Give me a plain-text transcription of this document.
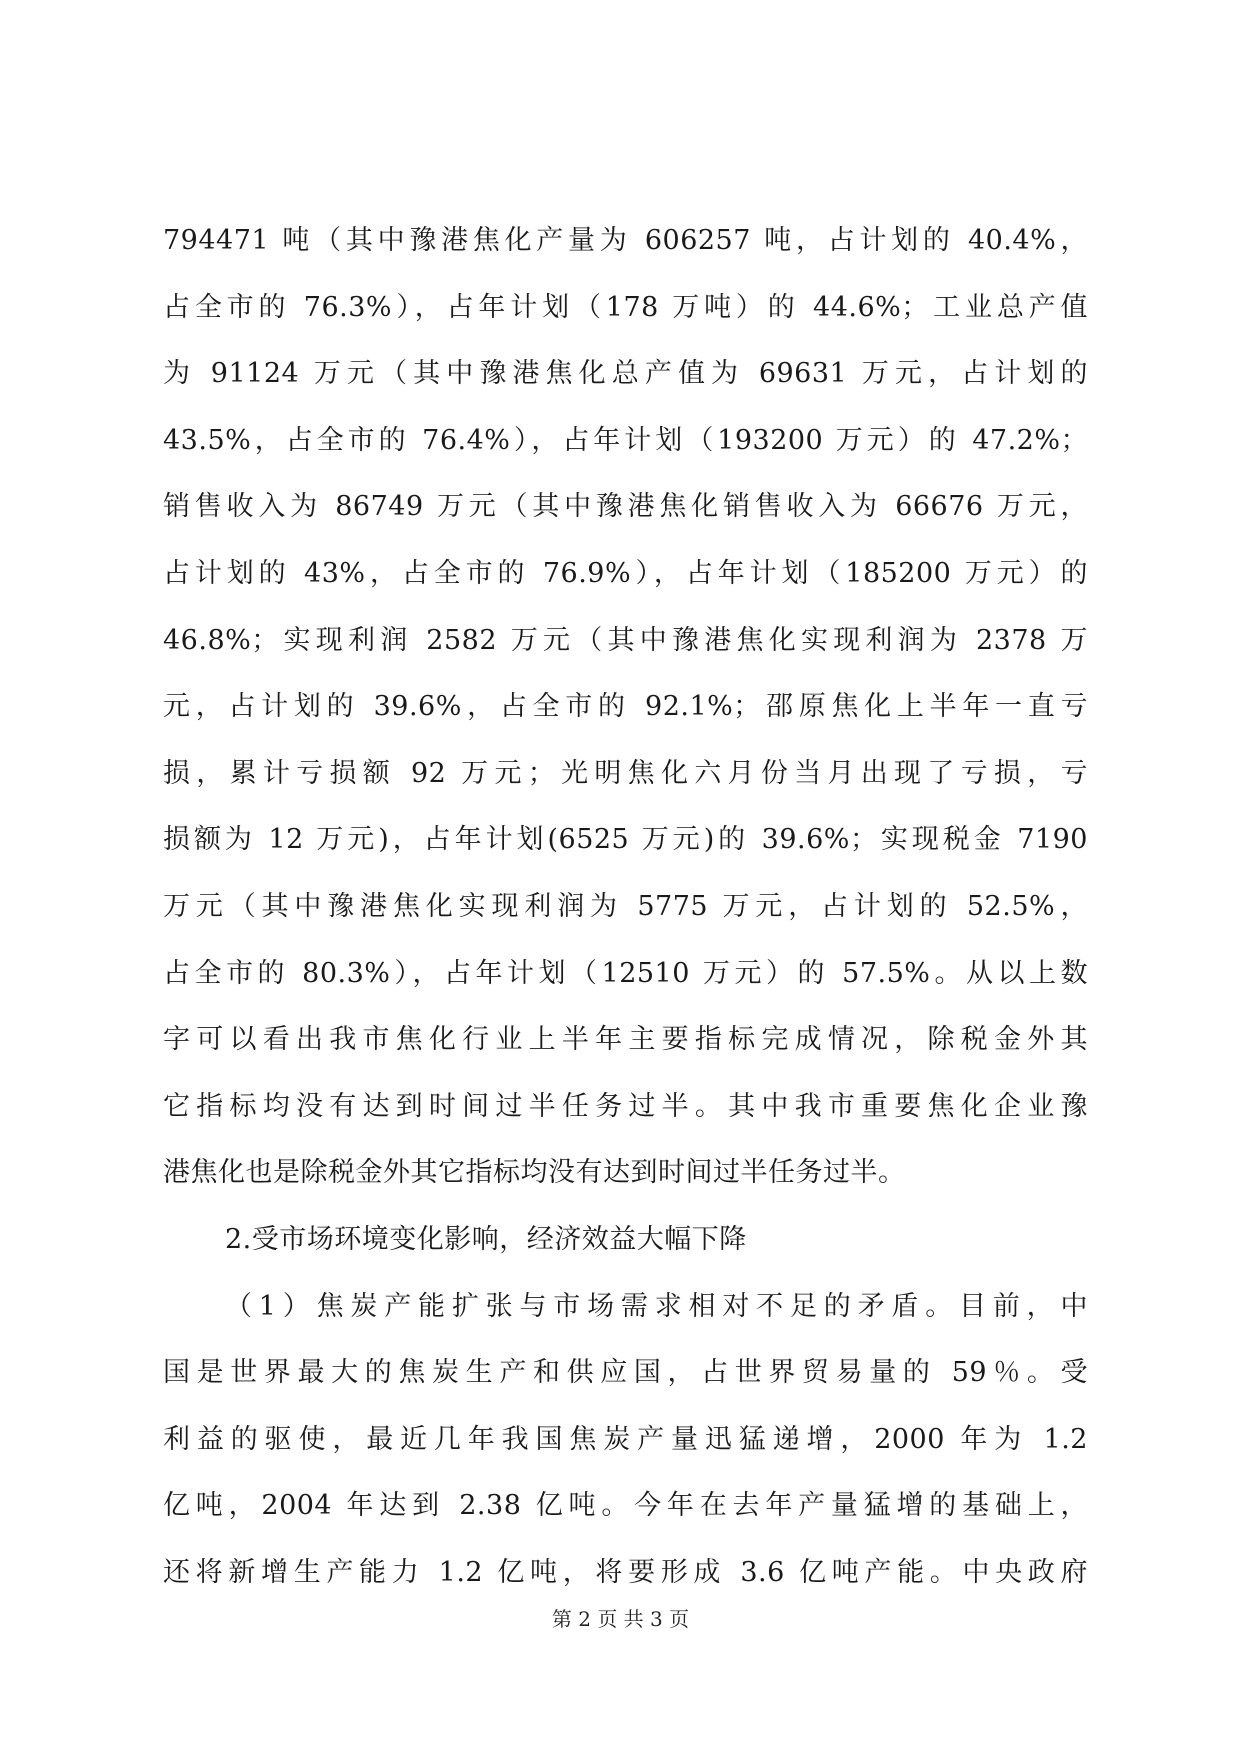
794471 吨（其中豫港焦化产量为 606257 吨，占计划的 40.4%，
占全市的 76.3%），占年计划（178 万吨）的 44.6%；工业总产值
为 91124 万元（其中豫港焦化总产值为 69631 万元，占计划的
43.5%，占全市的 76.4%），占年计划（193200 万元）的 47.2%；
销售收入为 86749 万元（其中豫港焦化销售收入为 66676 万元，
占计划的 43%，占全市的 76.9%），占年计划（185200 万元）的
46.8%；实现利润 2582 万元（其中豫港焦化实现利润为 2378 万
元，占计划的 39.6%，占全市的 92.1%；邵原焦化上半年一直亏
损，累计亏损额 92 万元；光明焦化六月份当月出现了亏损，亏
损额为 12 万元)，占年计划(6525 万元)的 39.6%；实现税金 7190
万元（其中豫港焦化实现利润为 5775 万元，占计划的 52.5%，
占全市的 80.3%），占年计划（12510 万元）的 57.5%。从以上数
字可以看出我市焦化行业上半年主要指标完成情况，除税金外其
它指标均没有达到时间过半任务过半。其中我市重要焦化企业豫
港焦化也是除税金外其它指标均没有达到时间过半任务过半。
2.受市场环境变化影响，经济效益大幅下降
（1）焦炭产能扩张与市场需求相对不足的矛盾。目前，中
国是世界最大的焦炭生产和供应国，占世界贸易量的 59％。受
利益的驱使，最近几年我国焦炭产量迅猛递增，2000 年为 1.2
亿吨，2004 年达到 2.38 亿吨。今年在去年产量猛增的基础上，
还将新增生产能力 1.2 亿吨，将要形成 3.6 亿吨产能。中央政府
第 2 页 共 3 页
